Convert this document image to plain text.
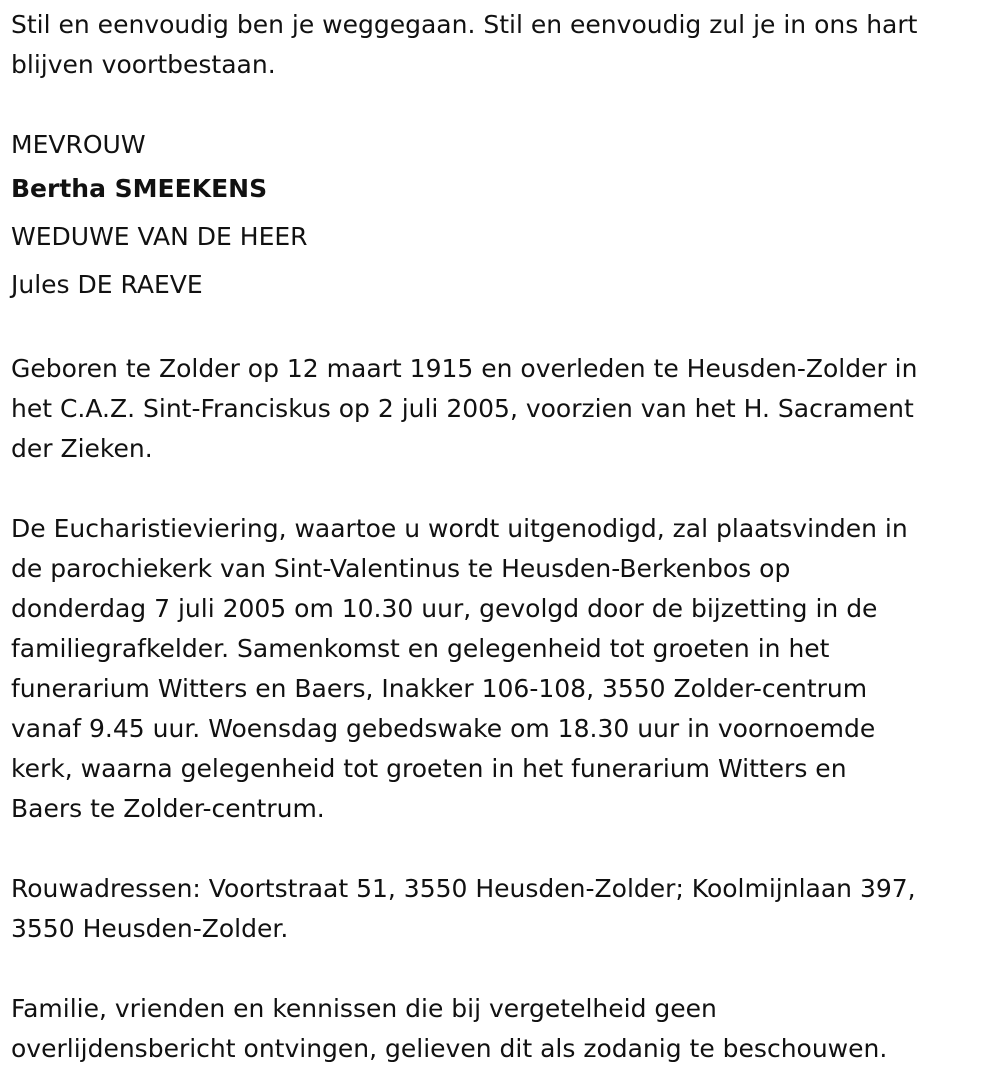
Stil en eenvoudig ben je weggegaan. Stil en eenvoudig zul je in ons hart
blijven voortbestaan.

MEVROUW
Bertha SMEEKENS
WEDUWE VAN DE HEER
Jules DE RAEVE

Geboren te Zolder op 12 maart 1915 en overleden te Heusden-Zolder in
het C.A.Z. Sint-Franciskus op 2 juli 2005, voorzien van het H. Sacrament
der Zieken.

De Eucharistieviering, waartoe u wordt uitgenodigd, zal plaatsvinden in
de parochiekerk van Sint-Valentinus te Heusden-Berkenbos op
donderdag 7 juli 2005 om 10.30 uur, gevolgd door de bijzetting in de
familiegrafkelder. Samenkomst en gelegenheid tot groeten in het
funerarium Witters en Baers, Inakker 106-108, 3550 Zolder-centrum
vanaf 9.45 uur. Woensdag gebedswake om 18.30 uur in voornoemde
kerk, waarna gelegenheid tot groeten in het funerarium Witters en
Baers te Zolder-centrum.

Rouwadressen: Voortstraat 51, 3550 Heusden-Zolder; Koolmijnlaan 397,
3550 Heusden-Zolder.

Familie, vrienden en kennissen die bij vergetelheid geen
overlijdensbericht ontvingen, gelieven dit als zodanig te beschouwen.
